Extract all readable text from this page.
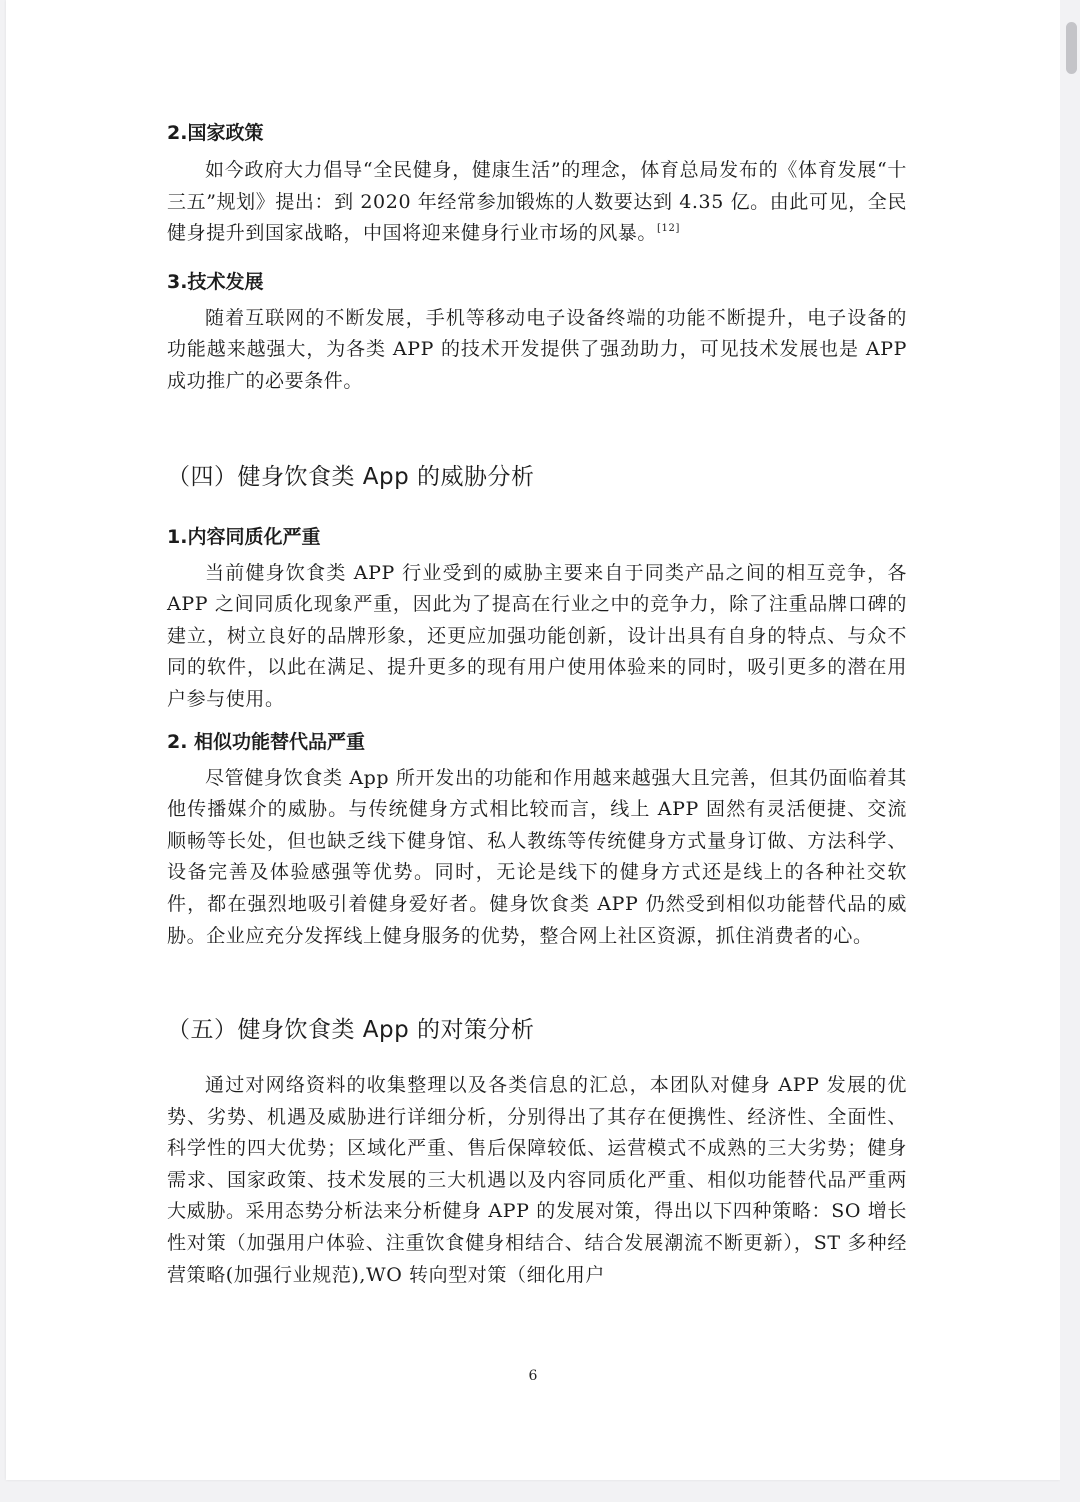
2.国家政策

如今政府大力倡导“全民健身，健康生活”的理念，体育总局发布的《体育发展“十三五”规划》提出：到 2020 年经常参加锻炼的人数要达到 4.35 亿。由此可见，全民健身提升到国家战略，中国将迎来健身行业市场的风暴。[12]

3.技术发展

随着互联网的不断发展，手机等移动电子设备终端的功能不断提升，电子设备的功能越来越强大，为各类 APP 的技术开发提供了强劲助力，可见技术发展也是 APP 成功推广的必要条件。

（四）健身饮食类 App 的威胁分析

1.内容同质化严重

当前健身饮食类 APP 行业受到的威胁主要来自于同类产品之间的相互竞争，各 APP 之间同质化现象严重，因此为了提高在行业之中的竞争力，除了注重品牌口碑的建立，树立良好的品牌形象，还更应加强功能创新，设计出具有自身的特点、与众不同的软件，以此在满足、提升更多的现有用户使用体验来的同时，吸引更多的潜在用户参与使用。

2. 相似功能替代品严重

尽管健身饮食类 App 所开发出的功能和作用越来越强大且完善，但其仍面临着其他传播媒介的威胁。与传统健身方式相比较而言，线上 APP 固然有灵活便捷、交流顺畅等长处，但也缺乏线下健身馆、私人教练等传统健身方式量身订做、方法科学、设备完善及体验感强等优势。同时，无论是线下的健身方式还是线上的各种社交软件，都在强烈地吸引着健身爱好者。健身饮食类 APP 仍然受到相似功能替代品的威胁。企业应充分发挥线上健身服务的优势，整合网上社区资源，抓住消费者的心。

（五）健身饮食类 App 的对策分析

通过对网络资料的收集整理以及各类信息的汇总，本团队对健身 APP 发展的优势、劣势、机遇及威胁进行详细分析，分别得出了其存在便携性、经济性、全面性、科学性的四大优势；区域化严重、售后保障较低、运营模式不成熟的三大劣势；健身需求、国家政策、技术发展的三大机遇以及内容同质化严重、相似功能替代品严重两大威胁。采用态势分析法来分析健身 APP 的发展对策，得出以下四种策略：SO 增长性对策（加强用户体验、注重饮食健身相结合、结合发展潮流不断更新），ST 多种经营策略(加强行业规范),WO 转向型对策（细化用户

6
